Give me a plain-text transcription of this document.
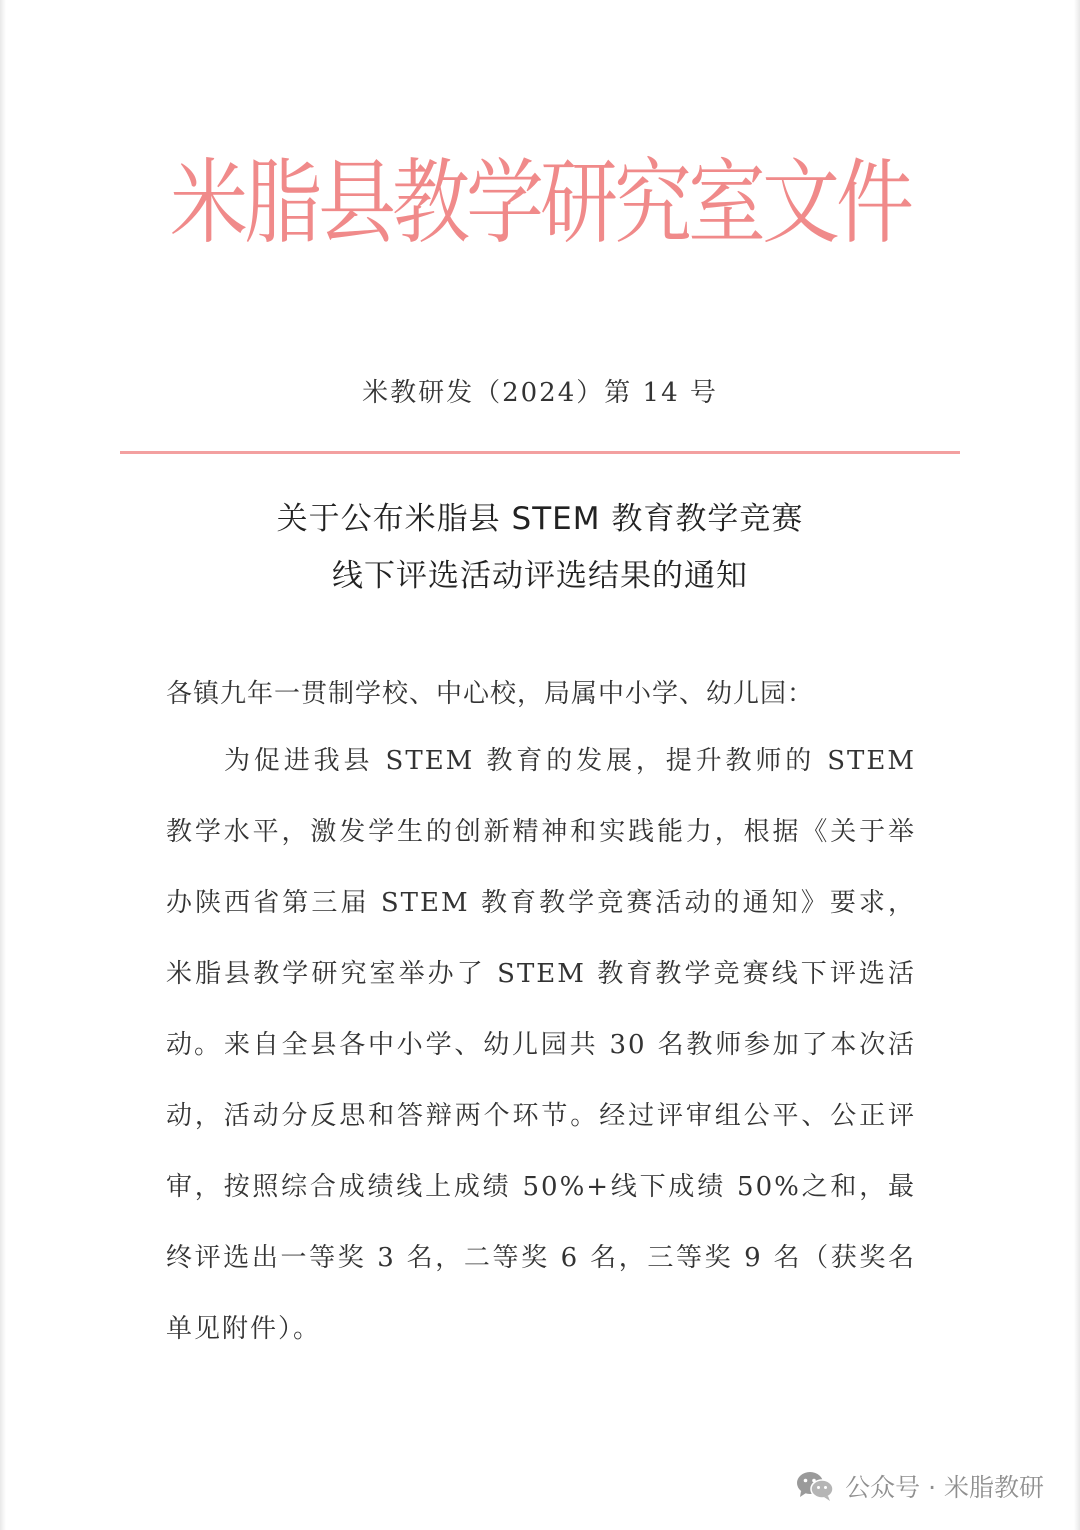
米脂县教学研究室文件
米教研发（2024）第 14 号
关于公布米脂县 STEM 教育教学竞赛
线下评选活动评选结果的通知
各镇九年一贯制学校、中心校，局属中小学、幼儿园：
为促进我县 STEM 教育的发展，提升教师的 STEM 教学水平，激发学生的创新精神和实践能力，根据《关于举办陕西省第三届 STEM 教育教学竞赛活动的通知》要求，米脂县教学研究室举办了 STEM 教育教学竞赛线下评选活动。 来自全县各中小学、幼儿园共 30 名教师参加了本次活动，活动分反思和答辩两个环节。经过评审组公平、公正评审，按照综合成绩线上成绩 50%+线下成绩 50%之和，最终评选出一等奖 3 名，二等奖 6 名，三等奖 9 名（获奖名单见附件）。
公众号 · 米脂教研
